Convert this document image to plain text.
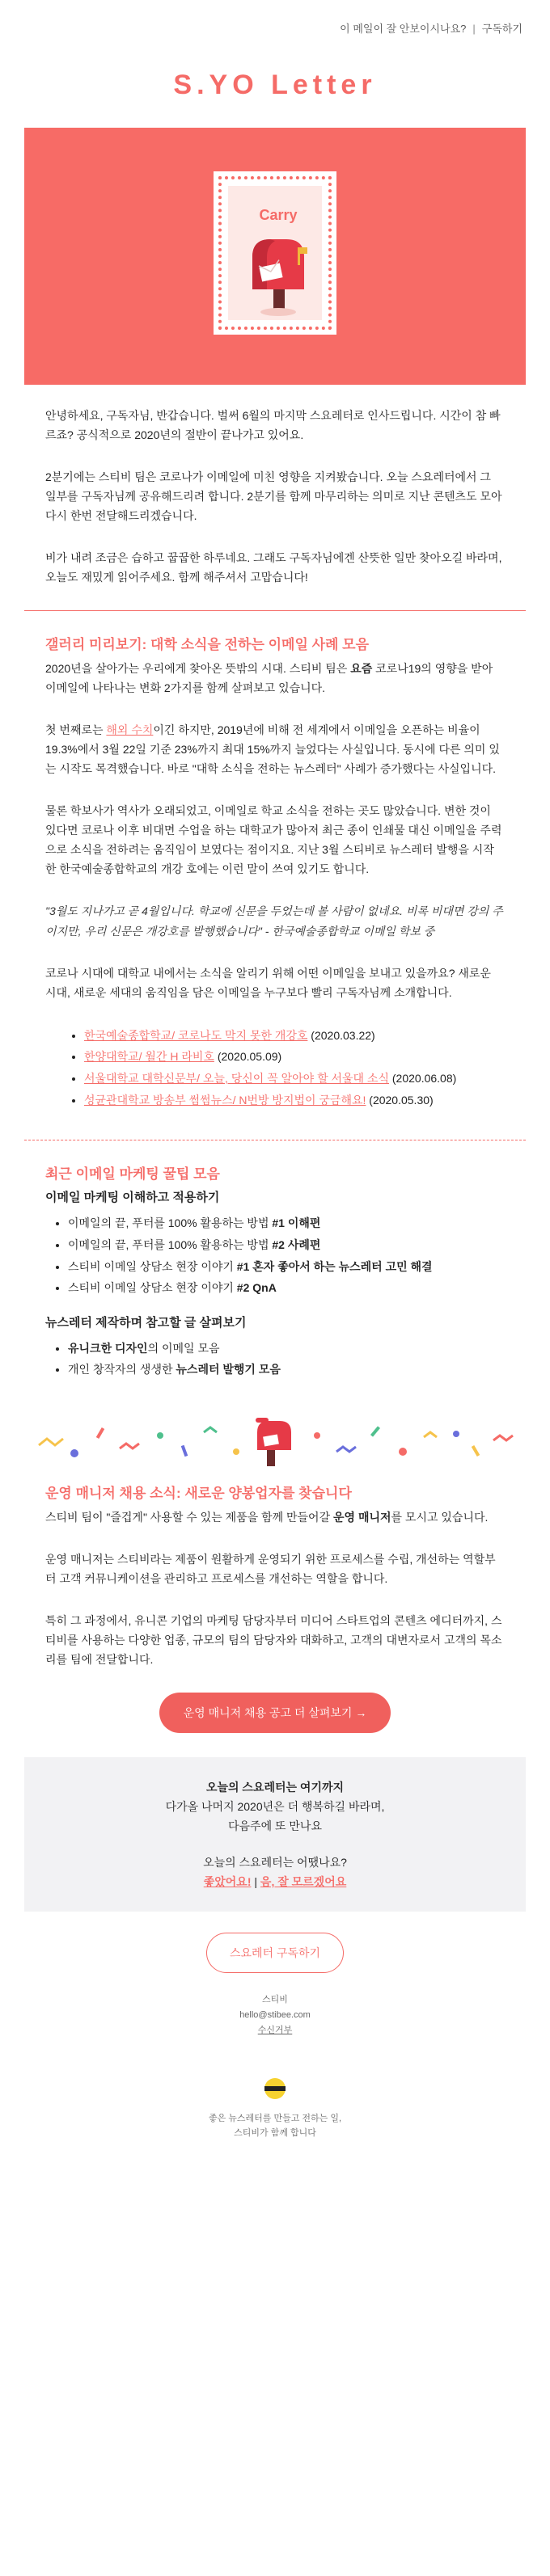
이 메일이 잘 안보이시나요? | 구독하기
S.YO Letter
Carry

안녕하세요, 구독자님, 반갑습니다. 벌써 6월의 마지막 스요레터로 인사드립니다. 시간이 참 빠르죠? 공식적으로 2020년의 절반이 끝나가고 있어요.

2분기에는 스티비 팀은 코로나가 이메일에 미친 영향을 지켜봤습니다. 오늘 스요레터에서 그 일부를 구독자님께 공유해드리려 합니다. 2분기를 함께 마무리하는 의미로 지난 콘텐츠도 모아 다시 한번 전달해드리겠습니다.

비가 내려 조금은 습하고 꿉꿉한 하루네요. 그래도 구독자님에겐 산뜻한 일만 찾아오길 바라며, 오늘도 재밌게 읽어주세요. 함께 해주셔서 고맙습니다!

갤러리 미리보기: 대학 소식을 전하는 이메일 사례 모음

2020년을 살아가는 우리에게 찾아온 뜻밖의 시대. 스티비 팀은 요즘 코로나19의 영향을 받아 이메일에 나타나는 변화 2가지를 함께 살펴보고 있습니다.

첫 번째로는 해외 수치이긴 하지만, 2019년에 비해 전 세계에서 이메일을 오픈하는 비율이 19.3%에서 3월 22일 기준 23%까지 최대 15%까지 늘었다는 사실입니다. 동시에 다른 의미 있는 시작도 목격했습니다. 바로 "대학 소식을 전하는 뉴스레터" 사례가 증가했다는 사실입니다.

물론 학보사가 역사가 오래되었고, 이메일로 학교 소식을 전하는 곳도 많았습니다. 변한 것이 있다면 코로나 이후 비대면 수업을 하는 대학교가 많아져 최근 종이 인쇄물 대신 이메일을 주력으로 소식을 전하려는 움직임이 보였다는 점이지요. 지난 3월 스티비로 뉴스레터 발행을 시작한 한국예술종합학교의 개강 호에는 이런 말이 쓰여 있기도 합니다.

"3월도 지나가고 곧 4월입니다. 학교에 신문을 두었는데 볼 사람이 없네요. 비록 비대면 강의 주이지만, 우리 신문은 개강호를 발행했습니다" - 한국예술종합학교 이메일 학보 중

코로나 시대에 대학교 내에서는 소식을 알리기 위해 어떤 이메일을 보내고 있을까요? 새로운 시대, 새로운 세대의 움직임을 담은 이메일을 누구보다 빨리 구독자님께 소개합니다.

• 한국예술종합학교/ 코로나도 막지 못한 개강호 (2020.03.22)
• 한양대학교/ 월간 H 라비호 (2020.05.09)
• 서울대학교 대학신문부/ 오늘, 당신이 꼭 알아야 할 서울대 소식 (2020.06.08)
• 성균관대학교 방송부 썸썸뉴스/ N번방 방지법이 궁금해요! (2020.05.30)
최근 이메일 마케팅 꿀팁 모음
이메일 마케팅 이해하고 적용하기
• 이메일의 끝, 푸터를 100% 활용하는 방법 #1 이해편
• 이메일의 끝, 푸터를 100% 활용하는 방법 #2 사례편
• 스티비 이메일 상담소 현장 이야기 #1 혼자 좋아서 하는 뉴스레터 고민 해결
• 스티비 이메일 상담소 현장 이야기 #2 QnA
뉴스레터 제작하며 참고할 글 살펴보기
• 유니크한 디자인의 이메일 모음
• 개인 창작자의 생생한 뉴스레터 발행기 모음
운영 매니저 채용 소식: 새로운 양봉업자를 찾습니다

스티비 팀이 "즐겁게" 사용할 수 있는 제품을 함께 만들어갈 운영 매니저를 모시고 있습니다.

운영 매니저는 스티비라는 제품이 원활하게 운영되기 위한 프로세스를 수립, 개선하는 역할부터 고객 커뮤니케이션을 관리하고 프로세스를 개선하는 역할을 합니다.

특히 그 과정에서, 유니콘 기업의 마케팅 담당자부터 미디어 스타트업의 콘텐츠 에디터까지, 스티비를 사용하는 다양한 업종, 규모의 팀의 담당자와 대화하고, 고객의 대변자로서 고객의 목소리를 팀에 전달합니다.

운영 매니저 채용 공고 더 살펴보기 →
오늘의 스요레터는 여기까지
다가올 나머지 2020년은 더 행복하길 바라며,
다음주에 또 만나요
오늘의 스요레터는 어땠나요?
좋았어요! | 음, 잘 모르겠어요
스요레터 구독하기
스티비
hello@stibee.com
수신거부
좋은 뉴스레터를 만들고 전하는 일,
스티비가 함께 합니다
